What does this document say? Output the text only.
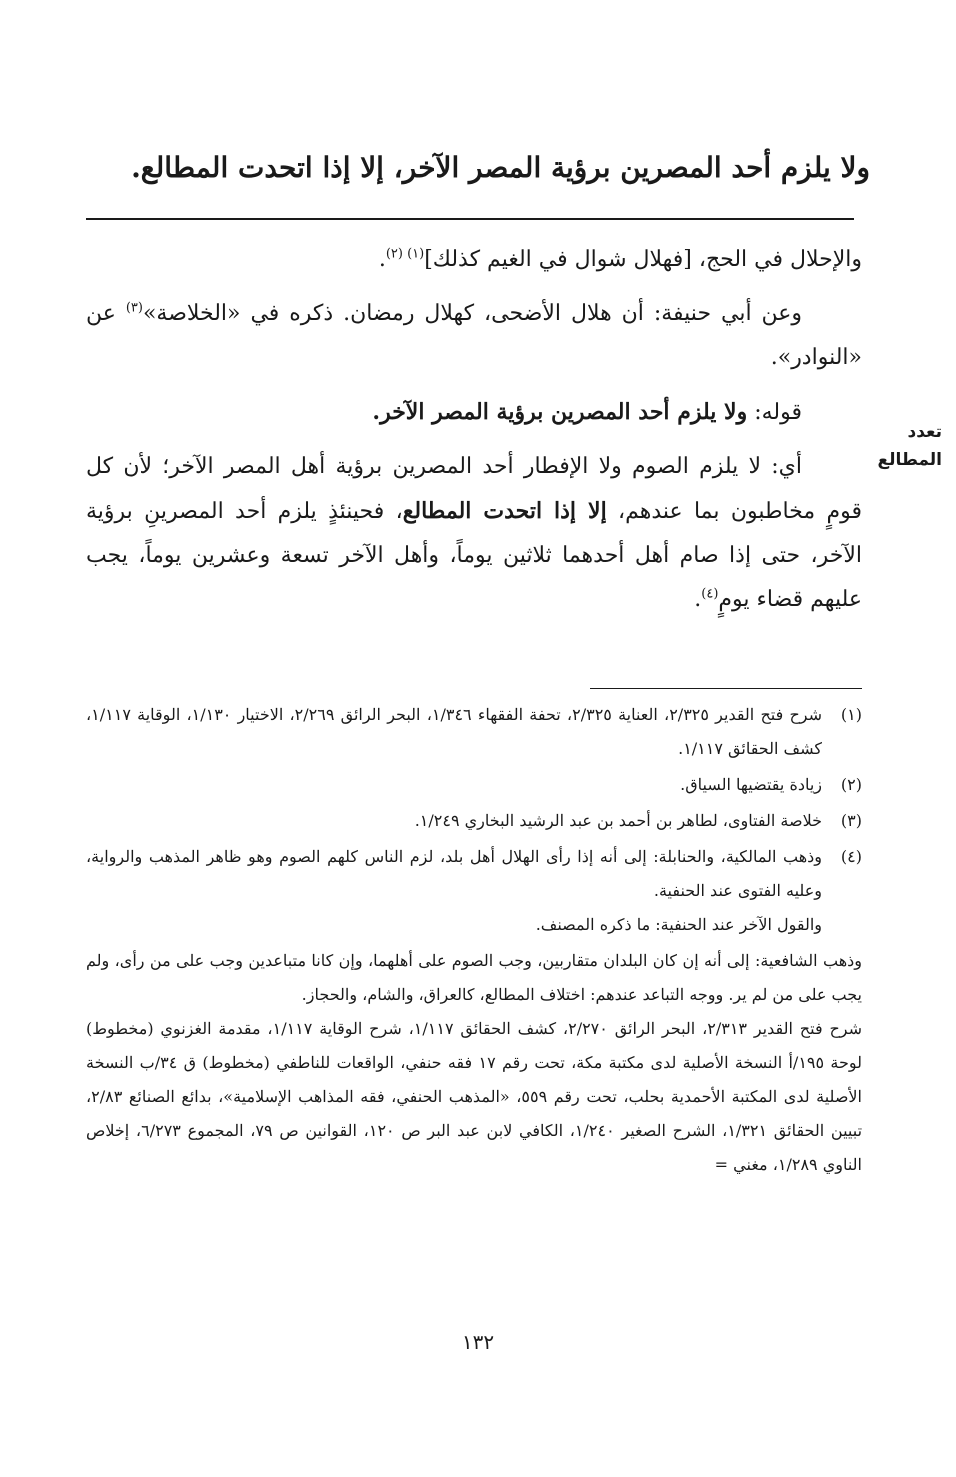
ولا يلزم أحد المصرين برؤية المصر الآخر، إلا إذا اتحدت المطالع.
تعدد
المطالع

والإحلال في الحج، [فهلال شوال في الغيم كذلك]$^{(١) (٢)}$.

وعن أبي حنيفة: أن هلال الأضحى، كهلال رمضان. ذكره في «الخلاصة»$^{(٣)}$ عن «النوادر».

قوله: ولا يلزم أحد المصرين برؤية المصر الآخر.

أي: لا يلزم الصوم ولا الإفطار أحد المصرين برؤية أهل المصر الآخر؛ لأن كل قومٍ مخاطبون بما عندهم، إلا إذا اتحدت المطالع، فحينئذٍ يلزم أحد المصرينِ برؤية الآخر، حتى إذا صام أهل أحدهما ثلاثين يوماً، وأهل الآخر تسعة وعشرين يوماً، يجب عليهم قضاء يومٍ$^{(٤)}$.

(١)
شرح فتح القدير ٢/٣٢٥، العناية ٢/٣٢٥، تحفة الفقهاء ١/٣٤٦، البحر الرائق ٢/٢٦٩، الاختيار ١/١٣٠، الوقاية ١/١١٧، كشف الحقائق ١/١١٧.
(٢)
زيادة يقتضيها السياق.
(٣)
خلاصة الفتاوى، لطاهر بن أحمد بن عبد الرشيد البخاري ١/٢٤٩.
(٤)
وذهب المالكية، والحنابلة: إلى أنه إذا رأى الهلال أهل بلد، لزم الناس كلهم الصوم وهو ظاهر المذهب والرواية، وعليه الفتوى عند الحنفية.
والقول الآخر عند الحنفية: ما ذكره المصنف.

وذهب الشافعية: إلى أنه إن كان البلدان متقاربين، وجب الصوم على أهلهما، وإن كانا متباعدين وجب على من رأى، ولم يجب على من لم ير. ووجه التباعد عندهم: اختلاف المطالع، كالعراق، والشام، والحجاز.

شرح فتح القدير ٢/٣١٣، البحر الرائق ٢/٢٧٠، كشف الحقائق ١/١١٧، شرح الوقاية ١/١١٧، مقدمة الغزنوي (مخطوط) لوحة ١٩٥/أ النسخة الأصلية لدى مكتبة مكة، تحت رقم ١٧ فقه حنفي، الواقعات للناطفي (مخطوط) ق ٣٤/ب النسخة الأصلية لدى المكتبة الأحمدية بحلب، تحت رقم ٥٥٩، «المذهب الحنفي، فقه المذاهب الإسلامية»، بدائع الصنائع ٢/٨٣، تبيين الحقائق ١/٣٢١، الشرح الصغير ١/٢٤٠، الكافي لابن عبد البر ص ١٢٠، القوانين ص ٧٩، المجموع ٦/٢٧٣، إخلاص الناوي ١/٢٨٩، مغني =

١٣٢
